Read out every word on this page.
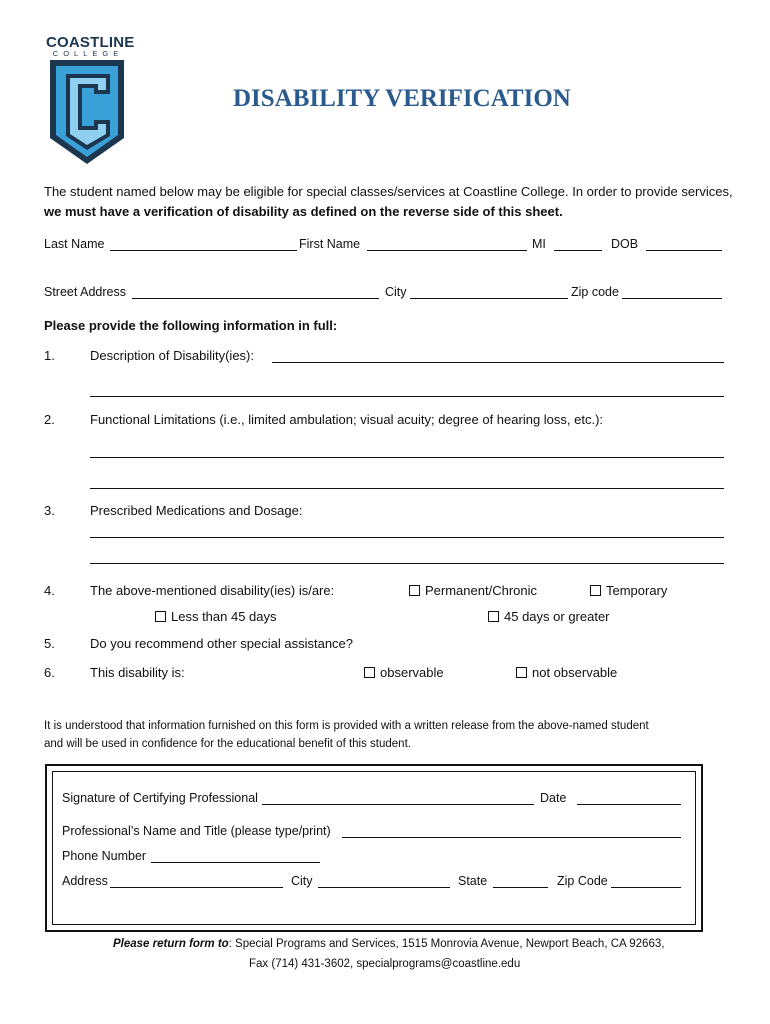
COASTLINE
COLLEGE
DISABILITY VERIFICATION
The student named below may be eligible for special classes/services at Coastline College. In order to provide services, we must have a verification of disability as defined on the reverse side of this sheet.
Last Name	First Name	MI	DOB
Street Address	City	Zip code
Please provide the following information in full:
1.	Description of Disability(ies):
2.	Functional Limitations (i.e., limited ambulation; visual acuity; degree of hearing loss, etc.):
3.	Prescribed Medications and Dosage:
4.	The above-mentioned disability(ies) is/are:	Permanent/Chronic	Temporary
Less than 45 days	45 days or greater
5.	Do you recommend other special assistance?
6.	This disability is:	observable	not observable
It is understood that information furnished on this form is provided with a written release from the above-named student
and will be used in confidence for the educational benefit of this student.
Signature of Certifying Professional	Date
Professional’s Name and Title (please type/print)
Phone Number
Address	City	State	Zip Code
Please return form to: Special Programs and Services, 1515 Monrovia Avenue, Newport Beach, CA 92663,
Fax (714) 431-3602, specialprograms@coastline.edu
